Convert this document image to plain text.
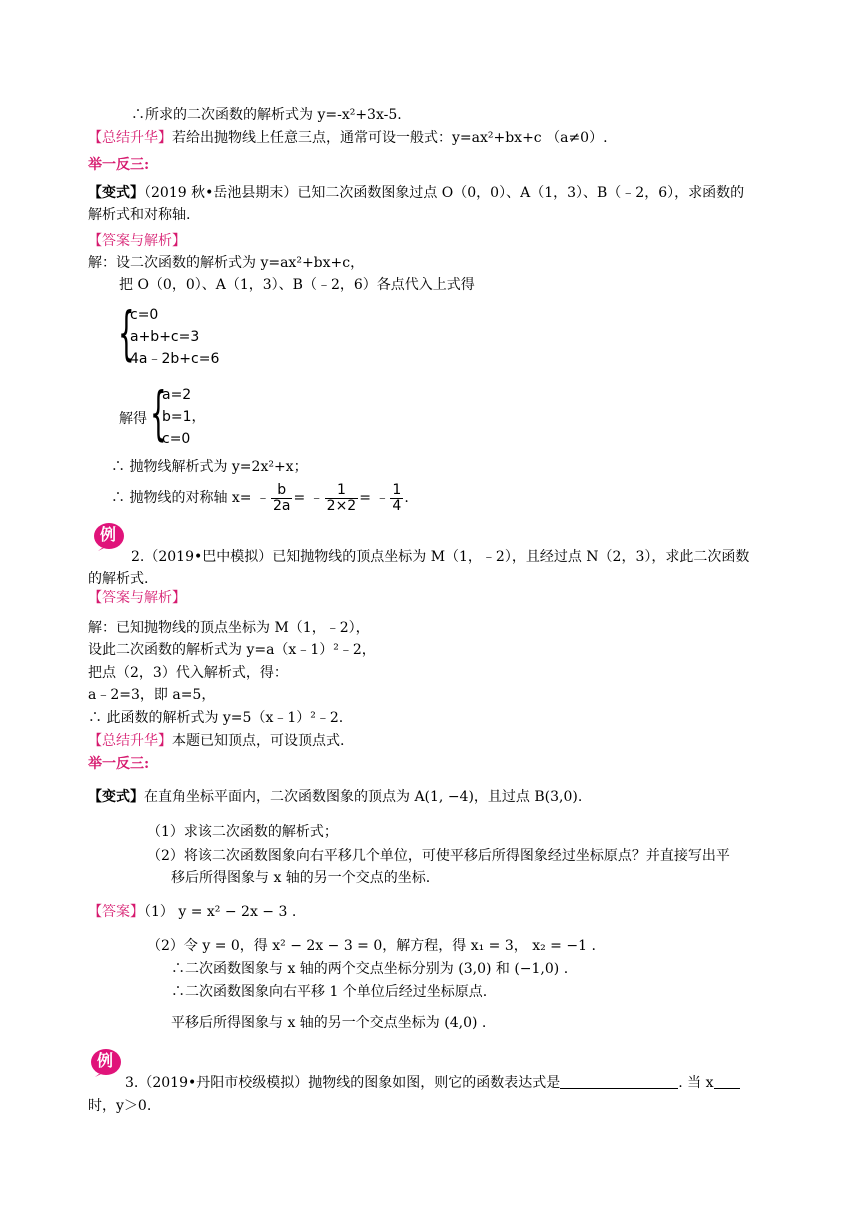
∴所求的二次函数的解析式为 y=-x²+3x-5.
【总结升华】若给出抛物线上任意三点，通常可设一般式：y=ax²+bx+c （a≠0）.
举一反三:
【变式】（2019 秋•岳池县期末）已知二次函数图象过点 O（0，0）、A（1，3）、B（﹣2，6），求函数的
解析式和对称轴.
【答案与解析】
解：设二次函数的解析式为 y=ax²+bx+c，
把 O（0，0）、A（1，3）、B（﹣2，6）各点代入上式得
{
c=0
a+b+c=3
4a﹣2b+c=6
解得 {
a=2
b=1，
c=0
∴ 抛物线解析式为 y=2x²+x；
∴ 抛物线的对称轴 x= ﹣ $\frac{b}{2a}$ = ﹣ $\frac{1}{2\times 2}$ = ﹣ $\frac{1}{4}$ .
例
2.（2019•巴中模拟）已知抛物线的顶点坐标为 M（1，﹣2），且经过点 N（2，3），求此二次函数
的解析式.
【答案与解析】
解：已知抛物线的顶点坐标为 M（1，﹣2），
设此二次函数的解析式为 y=a（x﹣1）²﹣2，
把点（2，3）代入解析式，得：
a﹣2=3，即 a=5，
∴ 此函数的解析式为 y=5（x﹣1）²﹣2.
【总结升华】本题已知顶点，可设顶点式.
举一反三:
【变式】在直角坐标平面内，二次函数图象的顶点为 A(1, −4)，且过点 B(3,0).
（1）求该二次函数的解析式；
（2）将该二次函数图象向右平移几个单位，可使平移后所得图象经过坐标原点？并直接写出平
移后所得图象与 x 轴的另一个交点的坐标.
【答案】（1） y = x² − 2x − 3 .
（2）令 y = 0，得 x² − 2x − 3 = 0，解方程，得 x₁ = 3， x₂ = −1 .
∴二次函数图象与 x 轴的两个交点坐标分别为 (3,0) 和 (−1,0) .
∴二次函数图象向右平移 1 个单位后经过坐标原点.
平移后所得图象与 x 轴的另一个交点坐标为 (4,0) .
例
3.（2019•丹阳市校级模拟）抛物线的图象如图，则它的函数表达式是	. 当 x
时，y＞0.
